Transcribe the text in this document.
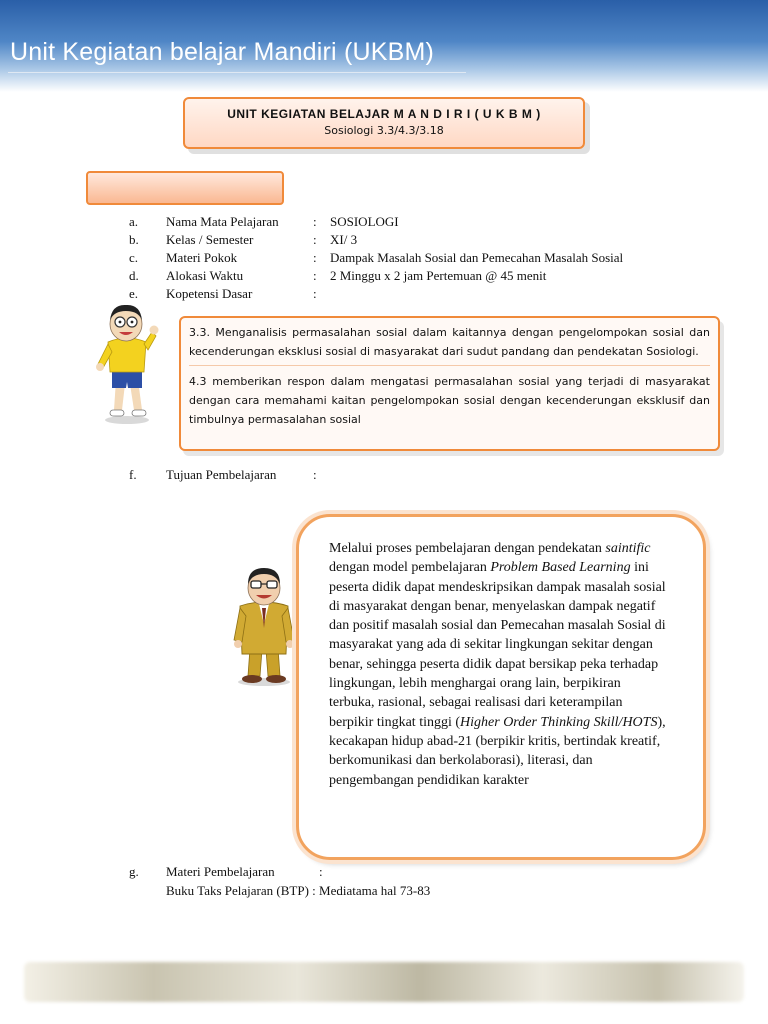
Unit Kegiatan belajar Mandiri (UKBM)
UNIT KEGIATAN BELAJAR M A N D I R I ( U K B M )
Sosiologi 3.3/4.3/3.18
a. Nama Mata Pelajaran	: SOSIOLOGI
b. Kelas / Semester	: XI/ 3
c. Materi Pokok	: Dampak Masalah Sosial dan Pemecahan Masalah Sosial
d. Alokasi Waktu	: 2 Minggu x 2 jam Pertemuan @ 45 menit
e. Kopetensi Dasar	:

3.3. Menganalisis permasalahan sosial dalam kaitannya dengan pengelompokan sosial dan kecenderungan eksklusi sosial di masyarakat dari sudut pandang dan pendekatan Sosiologi.

4.3 memberikan respon dalam mengatasi permasalahan sosial yang terjadi di masyarakat dengan cara memahami kaitan pengelompokan sosial dengan kecenderungan eksklusif dan timbulnya permasalahan sosial

f. Tujuan Pembelajaran	:
Melalui proses pembelajaran dengan pendekatan saintific dengan model pembelajaran Problem Based Learning ini peserta didik dapat mendeskripsikan dampak masalah sosial di masyarakat dengan benar, menyelaskan dampak negatif dan positif masalah sosial dan Pemecahan masalah Sosial di masyarakat yang ada di sekitar lingkungan sekitar dengan benar, sehingga peserta didik dapat bersikap peka terhadap lingkungan, lebih menghargai orang lain, berpikiran terbuka, rasional, sebagai realisasi dari keterampilan berpikir tingkat tinggi (Higher Order Thinking Skill/HOTS), kecakapan hidup abad-21 (berpikir kritis, bertindak kreatif, berkomunikasi dan berkolaborasi), literasi, dan pengembangan pendidikan karakter
g. Materi Pembelajaran	:
Buku Taks Pelajaran (BTP) : Mediatama hal 73-83
